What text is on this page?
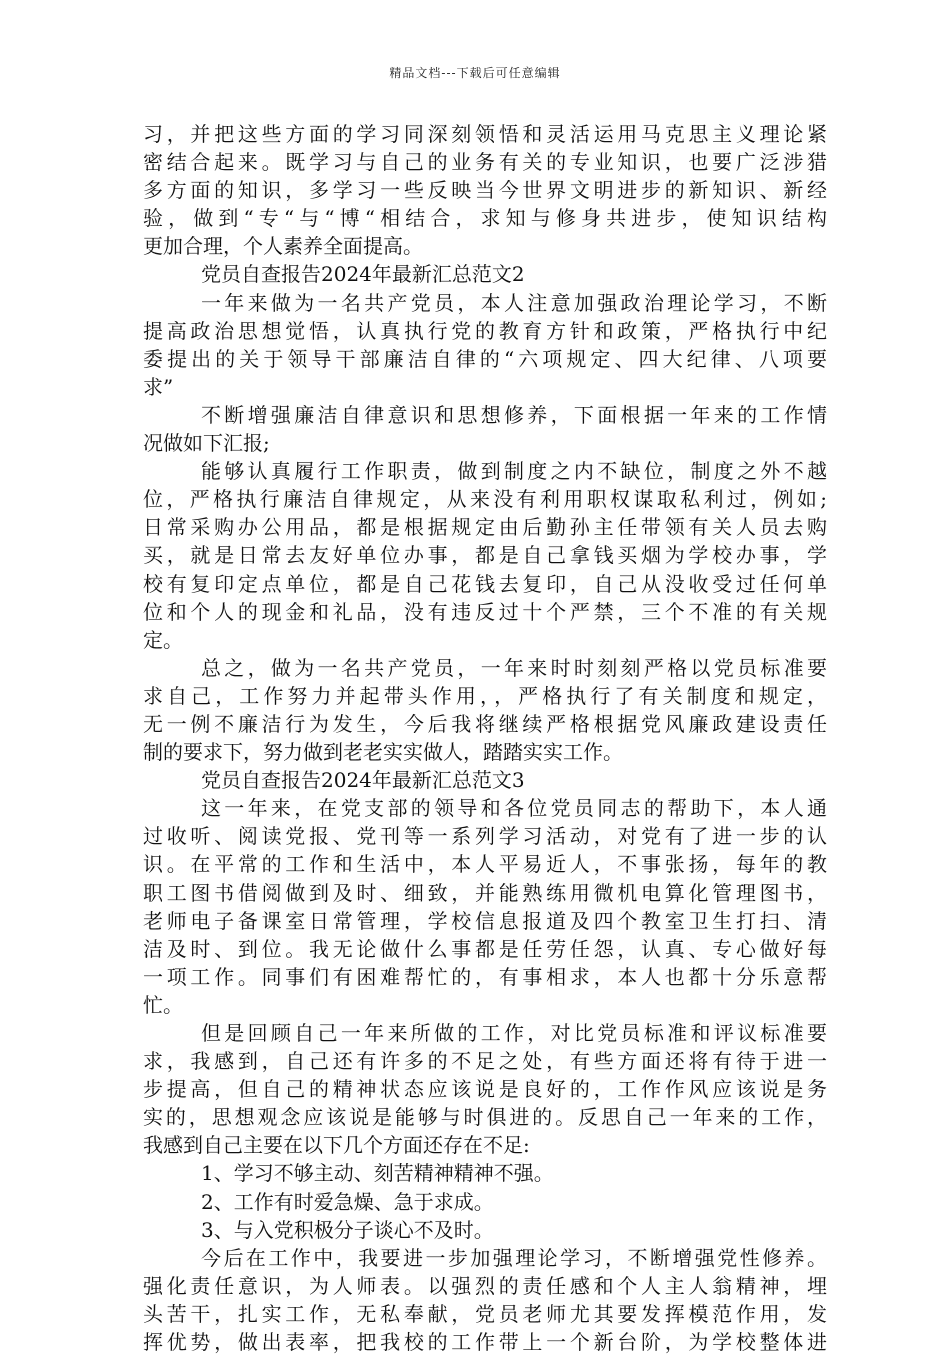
精品文档---下载后可任意编辑
习，并把这些方面的学习同深刻领悟和灵活运用马克思主义理论紧
密结合起来。既学习与自己的业务有关的专业知识，也要广泛涉猎
多方面的知识，多学习一些反映当今世界文明进步的新知识、新经
验，做到“专“与“博“相结合，求知与修身共进步，使知识结构
更加合理，个人素养全面提高。
党员自查报告2024年最新汇总范文2
一年来做为一名共产党员，本人注意加强政治理论学习，不断
提高政治思想觉悟，认真执行党的教育方针和政策，严格执行中纪
委提出的关于领导干部廉洁自律的“六项规定、四大纪律、八项要
求”
不断增强廉洁自律意识和思想修养，下面根据一年来的工作情
况做如下汇报;
能够认真履行工作职责，做到制度之内不缺位，制度之外不越
位，严格执行廉洁自律规定，从来没有利用职权谋取私利过，例如;
日常采购办公用品，都是根据规定由后勤孙主任带领有关人员去购
买，就是日常去友好单位办事，都是自己拿钱买烟为学校办事，学
校有复印定点单位，都是自己花钱去复印，自己从没收受过任何单
位和个人的现金和礼品，没有违反过十个严禁，三个不准的有关规
定。
总之，做为一名共产党员，一年来时时刻刻严格以党员标准要
求自己，工作努力并起带头作用，，严格执行了有关制度和规定，
无一例不廉洁行为发生，今后我将继续严格根据党风廉政建设责任
制的要求下，努力做到老老实实做人，踏踏实实工作。
党员自查报告2024年最新汇总范文3
这一年来，在党支部的领导和各位党员同志的帮助下，本人通
过收听、阅读党报、党刊等一系列学习活动，对党有了进一步的认
识。在平常的工作和生活中，本人平易近人，不事张扬，每年的教
职工图书借阅做到及时、细致，并能熟练用微机电算化管理图书，
老师电子备课室日常管理，学校信息报道及四个教室卫生打扫、清
洁及时、到位。我无论做什么事都是任劳任怨，认真、专心做好每
一项工作。同事们有困难帮忙的，有事相求，本人也都十分乐意帮
忙。
但是回顾自己一年来所做的工作，对比党员标准和评议标准要
求，我感到，自己还有许多的不足之处，有些方面还将有待于进一
步提高，但自己的精神状态应该说是良好的，工作作风应该说是务
实的，思想观念应该说是能够与时俱进的。反思自己一年来的工作，
我感到自己主要在以下几个方面还存在不足:
1、学习不够主动、刻苦精神精神不强。
2、工作有时爱急燥、急于求成。
3、与入党积极分子谈心不及时。
今后在工作中，我要进一步加强理论学习，不断增强党性修养。
强化责任意识，为人师表。以强烈的责任感和个人主人翁精神，埋
头苦干，扎实工作，无私奉献，党员老师尤其要发挥模范作用，发
挥优势，做出表率，把我校的工作带上一个新台阶，为学校整体进
